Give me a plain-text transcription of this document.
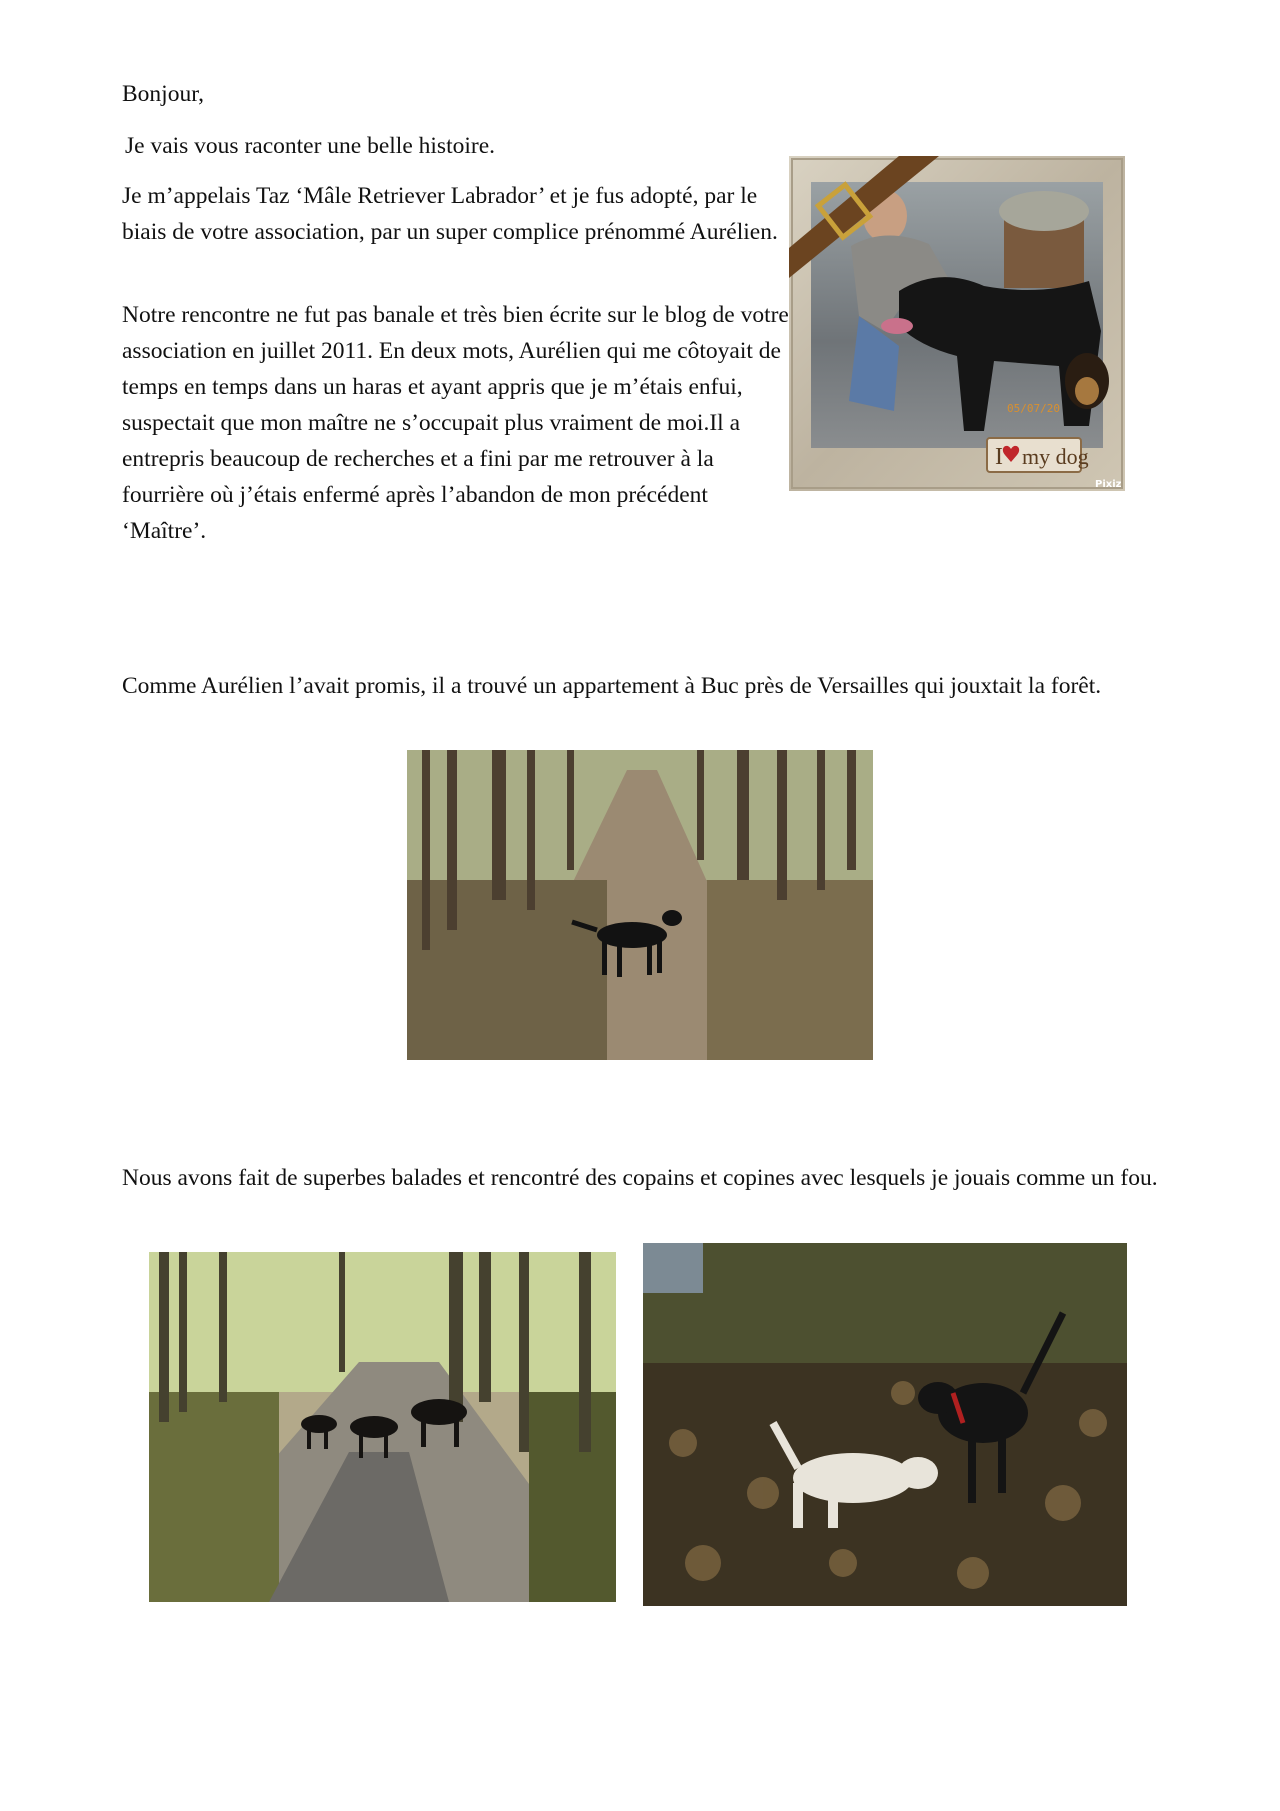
Bonjour,

Je vais vous raconter une belle histoire.

Je m’appelais Taz ‘Mâle Retriever Labrador’ et je fus adopté, par le biais de votre association, par un super complice prénommé Aurélien.

Notre rencontre ne fut pas banale et très bien écrite sur le blog de votre association en juillet 2011. En deux mots, Aurélien qui me côtoyait de temps en temps dans un haras et ayant appris que je m’étais enfui, suspectait que mon maître ne s’occupait plus vraiment de moi.Il a entrepris beaucoup de recherches et a fini par me retrouver à la fourrière où j’étais enfermé après l’abandon de mon précédent ‘Maître’.

05/07/20
I my dog
Pixiz

Comme Aurélien l’avait promis, il a trouvé un appartement à Buc près de Versailles qui jouxtait la forêt.

Nous avons fait de superbes balades et rencontré des copains et copines avec lesquels je jouais comme un fou.
